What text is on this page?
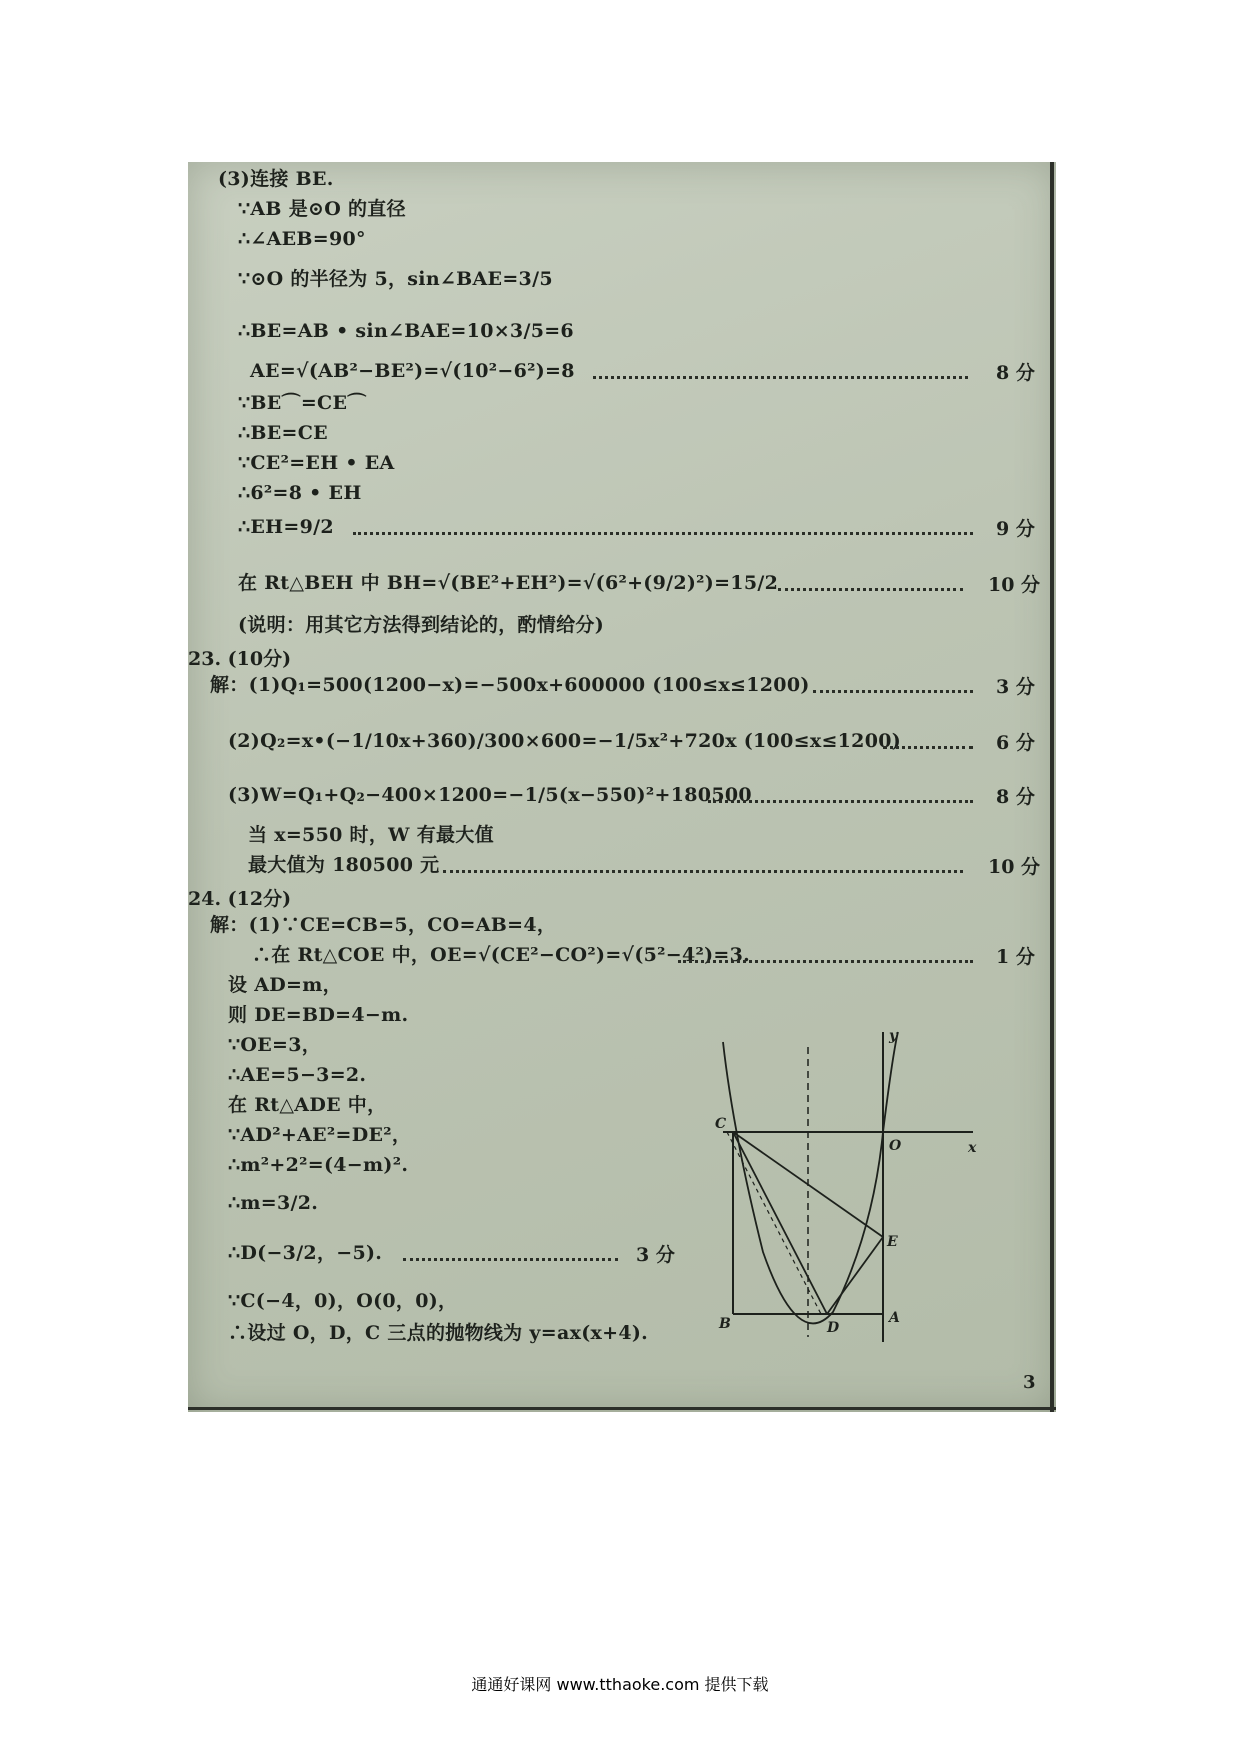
(3)连接 BE.
∵AB 是⊙O 的直径
∴∠AEB=90°
∵⊙O 的半径为 5，sin∠BAE=3/5
∴BE=AB • sin∠BAE=10×3/5=6
AE=√(AB²−BE²)=√(10²−6²)=8	8 分
∵BE⌒=CE⌒
∴BE=CE
∵CE²=EH • EA
∴6²=8 • EH
∴EH=9/2	9 分
在 Rt△BEH 中 BH=√(BE²+EH²)=√(6²+(9/2)²)=15/2	10 分
(说明：用其它方法得到结论的，酌情给分)
23. (10分)
解：(1)Q₁=500(1200−x)=−500x+600000 (100≤x≤1200)	3 分
(2)Q₂=x•(−1/10x+360)/300×600=−1/5x²+720x (100≤x≤1200)	6 分
(3)W=Q₁+Q₂−400×1200=−1/5(x−550)²+180500	8 分
当 x=550 时，W 有最大值
最大值为 180500 元	10 分
24. (12分)
解：(1)∵CE=CB=5，CO=AB=4，
∴在 Rt△COE 中，OE=√(CE²−CO²)=√(5²−4²)=3.	1 分
设 AD=m，
则 DE=BD=4−m.
∵OE=3，
∴AE=5−3=2.
在 Rt△ADE 中，
∵AD²+AE²=DE²，
∴m²+2²=(4−m)².
∴m=3/2.
∴D(−3/2，−5).	3 分
∵C(−4，0)，O(0，0)，
∴设过 O，D，C 三点的抛物线为 y=ax(x+4).
C
O	x
y
E
B	D
A
3
通通好课网 www.tthaoke.com 提供下载
